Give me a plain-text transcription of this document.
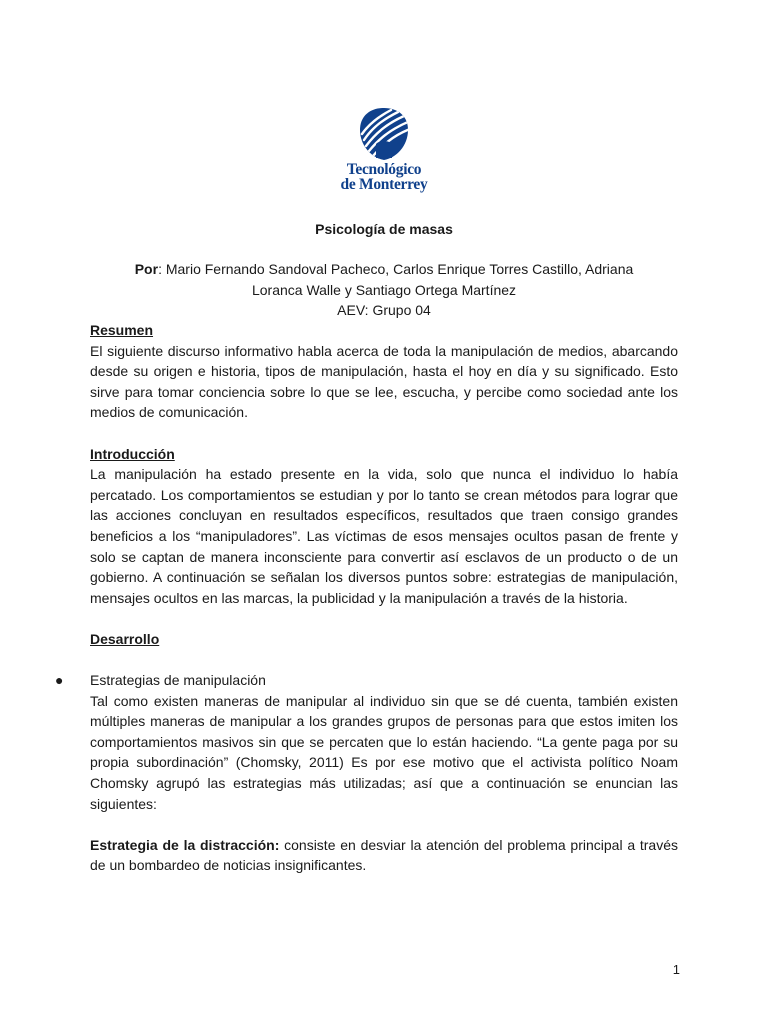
Tecnológico
de Monterrey
Psicología de masas
Por: Mario Fernando Sandoval Pacheco, Carlos Enrique Torres Castillo, Adriana
Loranca Walle y Santiago Ortega Martínez
AEV: Grupo 04

Resumen

El siguiente discurso informativo habla acerca de toda la manipulación de medios, abarcando desde su origen e historia, tipos de manipulación, hasta el hoy en día y su significado. Esto sirve para tomar conciencia sobre lo que se lee, escucha, y percibe como sociedad ante los medios de comunicación.

Introducción

La manipulación ha estado presente en la vida, solo que nunca el individuo lo había percatado. Los comportamientos se estudian y por lo tanto se crean métodos para lograr que las acciones concluyan en resultados específicos, resultados que traen consigo grandes beneficios a los “manipuladores”. Las víctimas de esos mensajes ocultos pasan de frente y solo se captan de manera inconsciente para convertir así esclavos de un producto o de un gobierno. A continuación se señalan los diversos puntos sobre: estrategias de manipulación, mensajes ocultos en las marcas, la publicidad y la manipulación a través de la historia.

Desarrollo

● Estrategias de manipulación

Tal como existen maneras de manipular al individuo sin que se dé cuenta, también existen múltiples maneras de manipular a los grandes grupos de personas para que estos imiten los comportamientos masivos sin que se percaten que lo están haciendo. “La gente paga por su propia subordinación” (Chomsky, 2011) Es por ese motivo que el activista político Noam Chomsky agrupó las estrategias más utilizadas; así que a continuación se enuncian las siguientes:

Estrategia de la distracción: consiste en desviar la atención del problema principal a través de un bombardeo de noticias insignificantes.

1
